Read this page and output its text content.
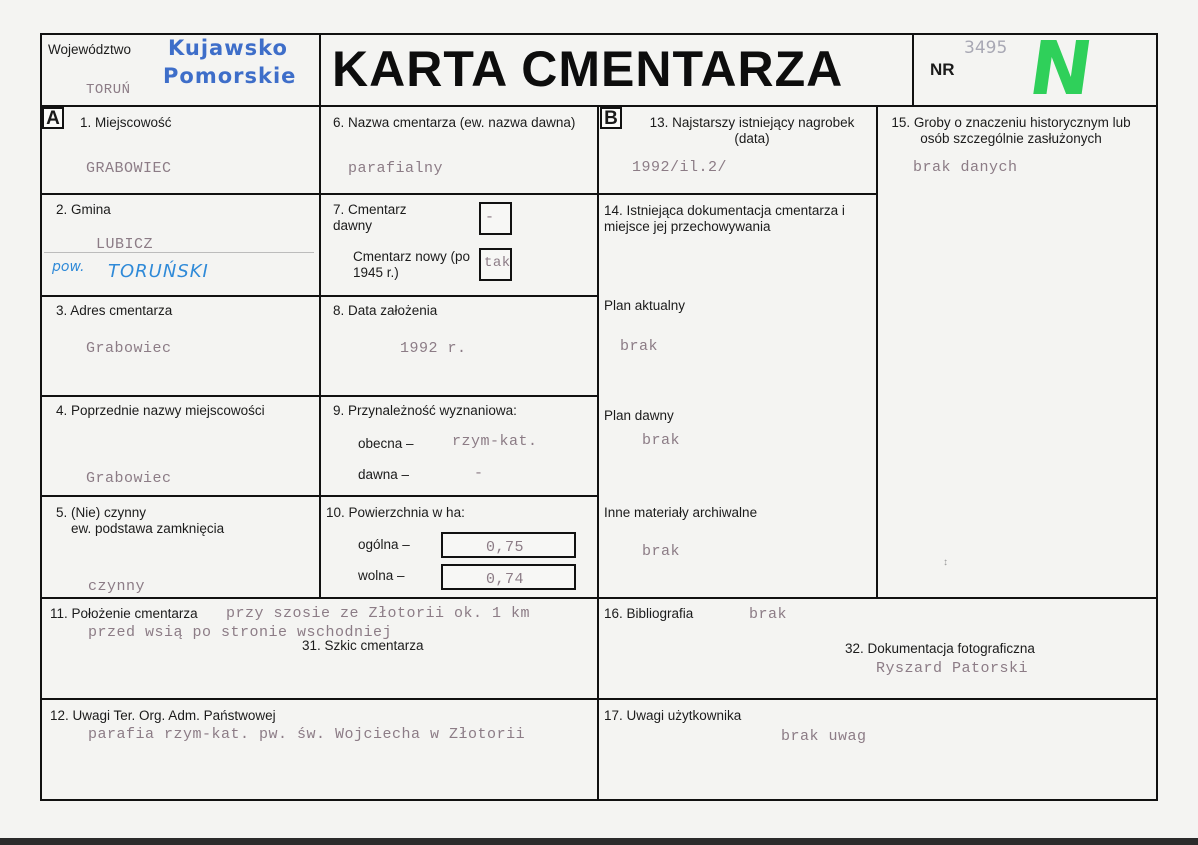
Województwo Kujawsko
Pomorskie
TORUŃ	KARTA CMENTARZA	NR
3495 N
A	1. Miejscowość
GRABOWIEC
6. Nazwa cmentarza (ew. nazwa dawna)
parafialny
B	13. Najstarszy istniejący nagrobek (data)
1992/il.2/
15. Groby o znaczeniu historycznym lub osób szczególnie zasłużonych
brak danych
2. Gmina
LUBICZ
pow. TORUŃSKI
7. Cmentarz dawny	-
Cmentarz nowy (po 1945 r.)
tak
14. Istniejąca dokumentacja cmentarza i miejsce jej przechowywania
3. Adres cmentarza
Grabowiec
8. Data założenia
1992 r.
Plan aktualny
brak
4. Poprzednie nazwy miejscowości
Grabowiec
9. Przynależność wyznaniowa:
obecna –	rzym-kat.
dawna –	-
Plan dawny
brak
5. (Nie) czynny
ew. podstawa zamknięcia
czynny
10. Powierzchnia w ha:
ogólna –	0,75
wolna –	0,74
Inne materiały archiwalne
brak
↕
11. Położenie cmentarza przy szosie ze Złotorii ok. 1 km
przed wsią po stronie wschodniej
31. Szkic cmentarza
16. Bibliografia	brak
32. Dokumentacja fotograficzna
Ryszard Patorski
12. Uwagi Ter. Org. Adm. Państwowej
parafia rzym-kat. pw. św. Wojciecha w Złotorii
17. Uwagi użytkownika
brak uwag
